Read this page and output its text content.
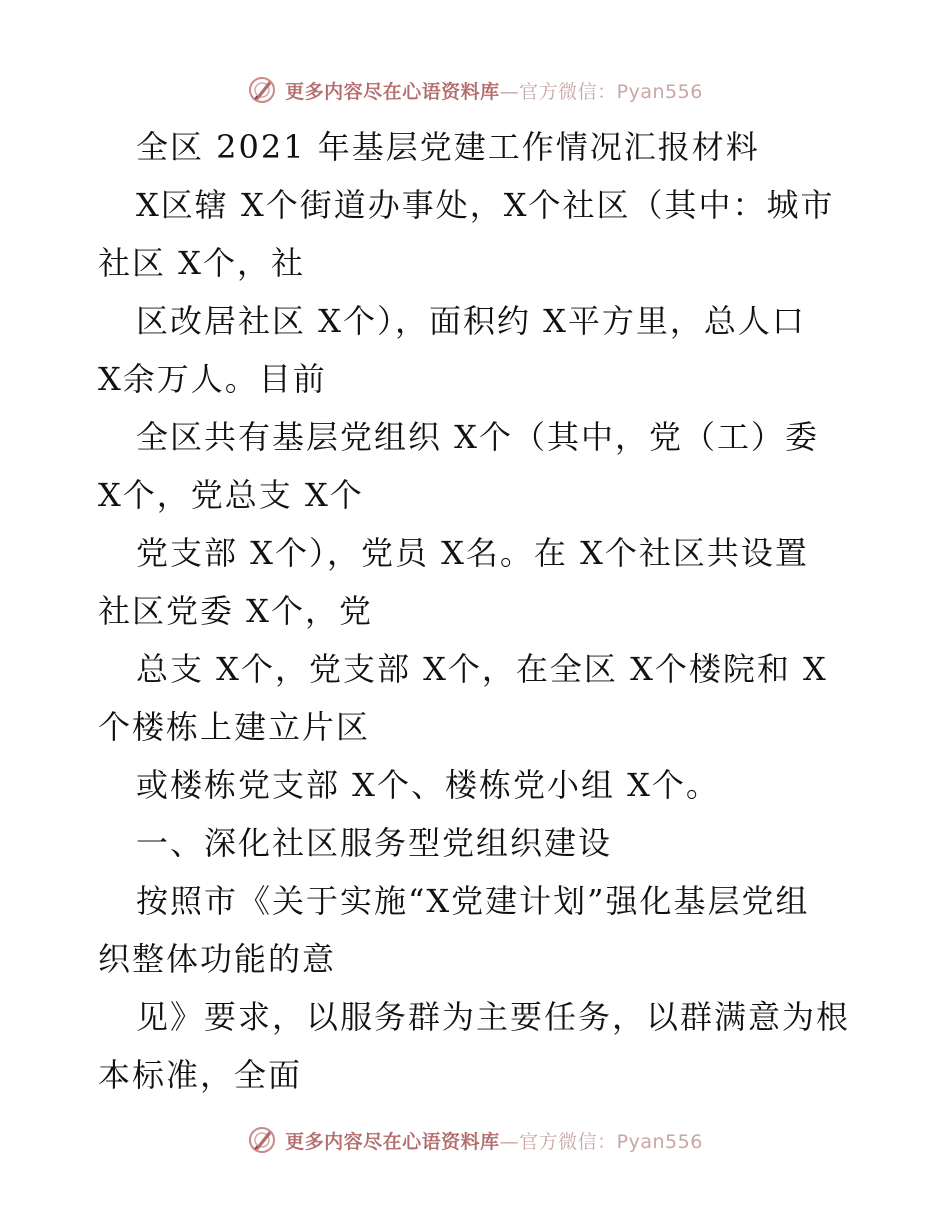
更多内容尽在心语资料库—官方微信：Pyan556
全区 2021 年基层党建工作情况汇报材料
X区辖 X个街道办事处，X个社区（其中：城市
社区 X个，社
区改居社区 X个），面积约 X平方里，总人口
X余万人。目前
全区共有基层党组织 X个（其中，党（工）委
X个，党总支 X个
党支部 X个），党员 X名。在 X个社区共设置
社区党委 X个，党
总支 X个，党支部 X个，在全区 X个楼院和 X
个楼栋上建立片区
或楼栋党支部 X个、楼栋党小组 X个。
一、深化社区服务型党组织建设
按照市《关于实施“X党建计划”强化基层党组
织整体功能的意
见》要求，以服务群为主要任务，以群满意为根
本标准，全面
更多内容尽在心语资料库—官方微信：Pyan556
